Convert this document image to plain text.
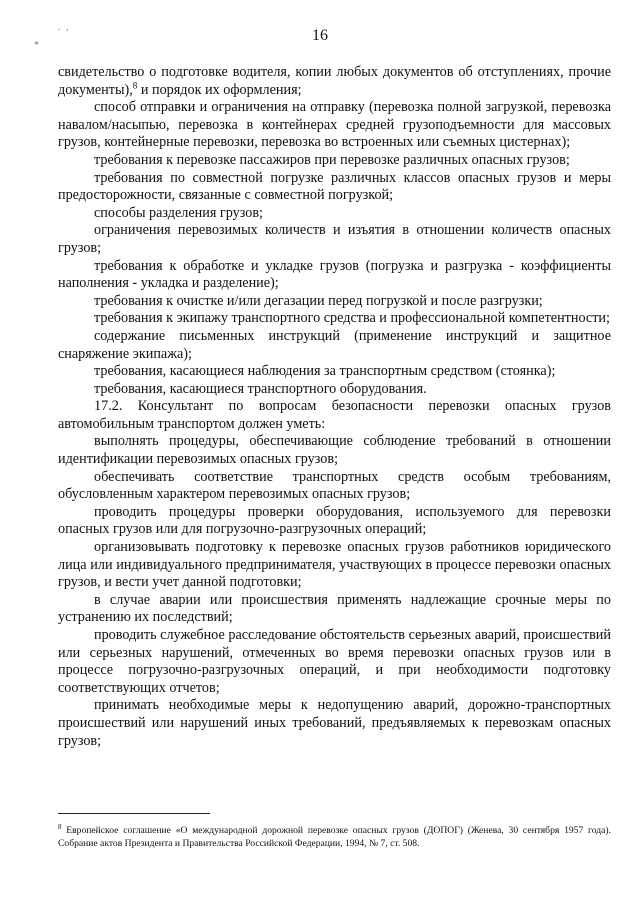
. ,
*
16

свидетельство о подготовке водителя, копии любых документов об отступлениях, прочие документы),$^8$ и порядок их оформления;

способ отправки и ограничения на отправку (перевозка полной загрузкой, перевозка навалом/насыпью, перевозка в контейнерах средней грузоподъемности для массовых грузов, контейнерные перевозки, перевозка во встроенных или съемных цистернах);

требования к перевозке пассажиров при перевозке различных опасных грузов;

требования по совместной погрузке различных классов опасных грузов и меры предосторожности, связанные с совместной погрузкой;

способы разделения грузов;

ограничения перевозимых количеств и изъятия в отношении количеств опасных грузов;

требования к обработке и укладке грузов (погрузка и разгрузка - коэффициенты наполнения - укладка и разделение);

требования к очистке и/или дегазации перед погрузкой и после разгрузки;

требования к экипажу транспортного средства и профессиональной компетентности;

содержание письменных инструкций (применение инструкций и защитное снаряжение экипажа);

требования, касающиеся наблюдения за транспортным средством (стоянка);

требования, касающиеся транспортного оборудования.

17.2. Консультант по вопросам безопасности перевозки опасных грузов автомобильным транспортом должен уметь:

выполнять процедуры, обеспечивающие соблюдение требований в отношении идентификации перевозимых опасных грузов;

обеспечивать соответствие транспортных средств особым требованиям, обусловленным характером перевозимых опасных грузов;

проводить процедуры проверки оборудования, используемого для перевозки опасных грузов или для погрузочно-разгрузочных операций;

организовывать подготовку к перевозке опасных грузов работников юридического лица или индивидуального предпринимателя, участвующих в процессе перевозки опасных грузов, и вести учет данной подготовки;

в случае аварии или происшествия применять надлежащие срочные меры по устранению их последствий;

проводить служебное расследование обстоятельств серьезных аварий, происшествий или серьезных нарушений, отмеченных во время перевозки опасных грузов или в процессе погрузочно-разгрузочных операций, и при необходимости подготовку соответствующих отчетов;

принимать необходимые меры к недопущению аварий, дорожно-транспортных происшествий или нарушений иных требований, предъявляемых к перевозкам опасных грузов;

$^8$ Европейское соглашение «О международной дорожной перевозке опасных грузов (ДОПОГ) (Женева, 30 сентября 1957 года). Собрание актов Президента и Правительства Российской Федерации, 1994, № 7, ст. 508.
